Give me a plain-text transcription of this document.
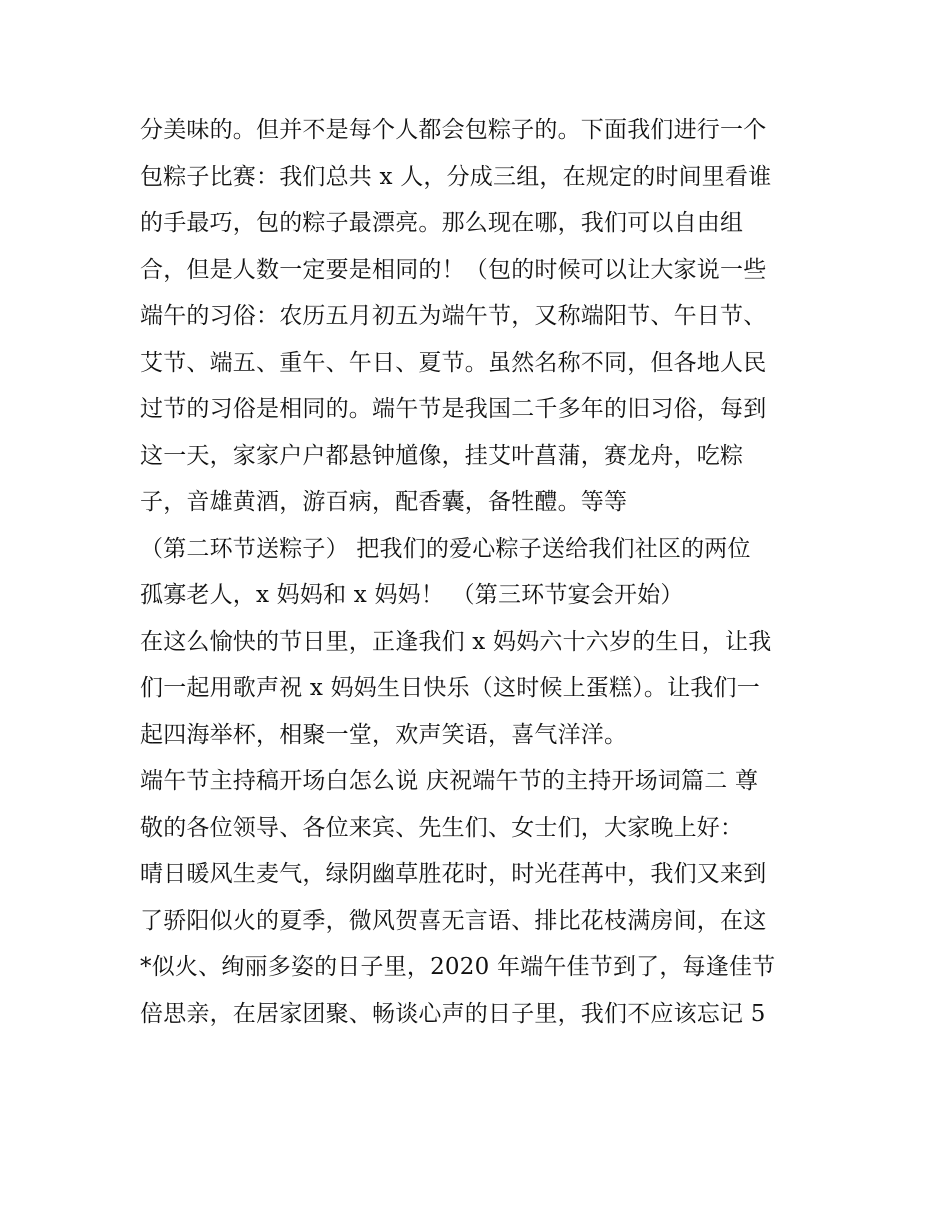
分美味的。但并不是每个人都会包粽子的。下面我们进行一个
包粽子比赛：我们总共 x 人，分成三组，在规定的时间里看谁
的手最巧，包的粽子最漂亮。那么现在哪，我们可以自由组
合，但是人数一定要是相同的！（包的时候可以让大家说一些
端午的习俗：农历五月初五为端午节，又称端阳节、午日节、
艾节、端五、重午、午日、夏节。虽然名称不同，但各地人民
过节的习俗是相同的。端午节是我国二千多年的旧习俗，每到
这一天，家家户户都悬钟馗像，挂艾叶菖蒲，赛龙舟，吃粽
子，音雄黄酒，游百病，配香囊，备牲醴。等等
（第二环节送粽子） 把我们的爱心粽子送给我们社区的两位
孤寡老人，x 妈妈和 x 妈妈！ （第三环节宴会开始）
在这么愉快的节日里，正逢我们 x 妈妈六十六岁的生日，让我
们一起用歌声祝 x 妈妈生日快乐（这时候上蛋糕）。让我们一
起四海举杯，相聚一堂，欢声笑语，喜气洋洋。
端午节主持稿开场白怎么说 庆祝端午节的主持开场词篇二 尊
敬的各位领导、各位来宾、先生们、女士们，大家晚上好：
晴日暖风生麦气，绿阴幽草胜花时，时光荏苒中，我们又来到
了骄阳似火的夏季，微风贺喜无言语、排比花枝满房间，在这
*似火、绚丽多姿的日子里，2020 年端午佳节到了，每逢佳节
倍思亲，在居家团聚、畅谈心声的日子里，我们不应该忘记 5
